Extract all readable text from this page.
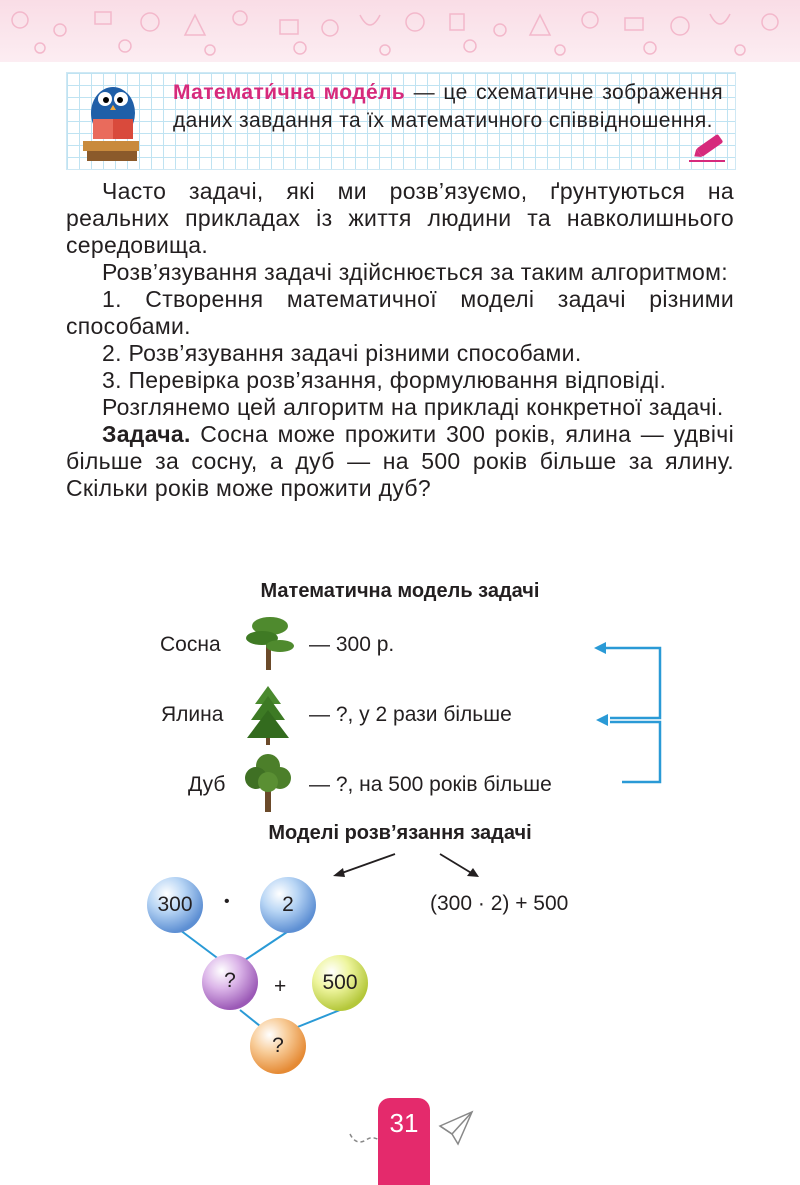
Математи́чна моде́ль — це схематичне зображення даних завдання та їх математичного співвідношення.

Часто задачі, які ми розв’язуємо, ґрунтуються на реальних прикладах із життя людини та навколишнього середовища.

Розв’язування задачі здійснюється за таким алгоритмом:

1. Створення математичної моделі задачі різними способами.

2. Розв’язування задачі різними способами.

3. Перевірка розв’язання, формулювання відповіді.

Розглянемо цей алгоритм на прикладі конкретної задачі.

Задача. Сосна може прожити 300 років, ялина — удвічі більше за сосну, а дуб — на 500 років більше за ялину. Скільки років може прожити дуб?

Математична модель задачі
Сосна
Ялина
Дуб
— 300 р.
— ?, у 2 рази більше
— ?, на 500 років більше
Моделі розв’язання задачі
300	2
?	500
?
•
+
(300 · 2) + 500
31
